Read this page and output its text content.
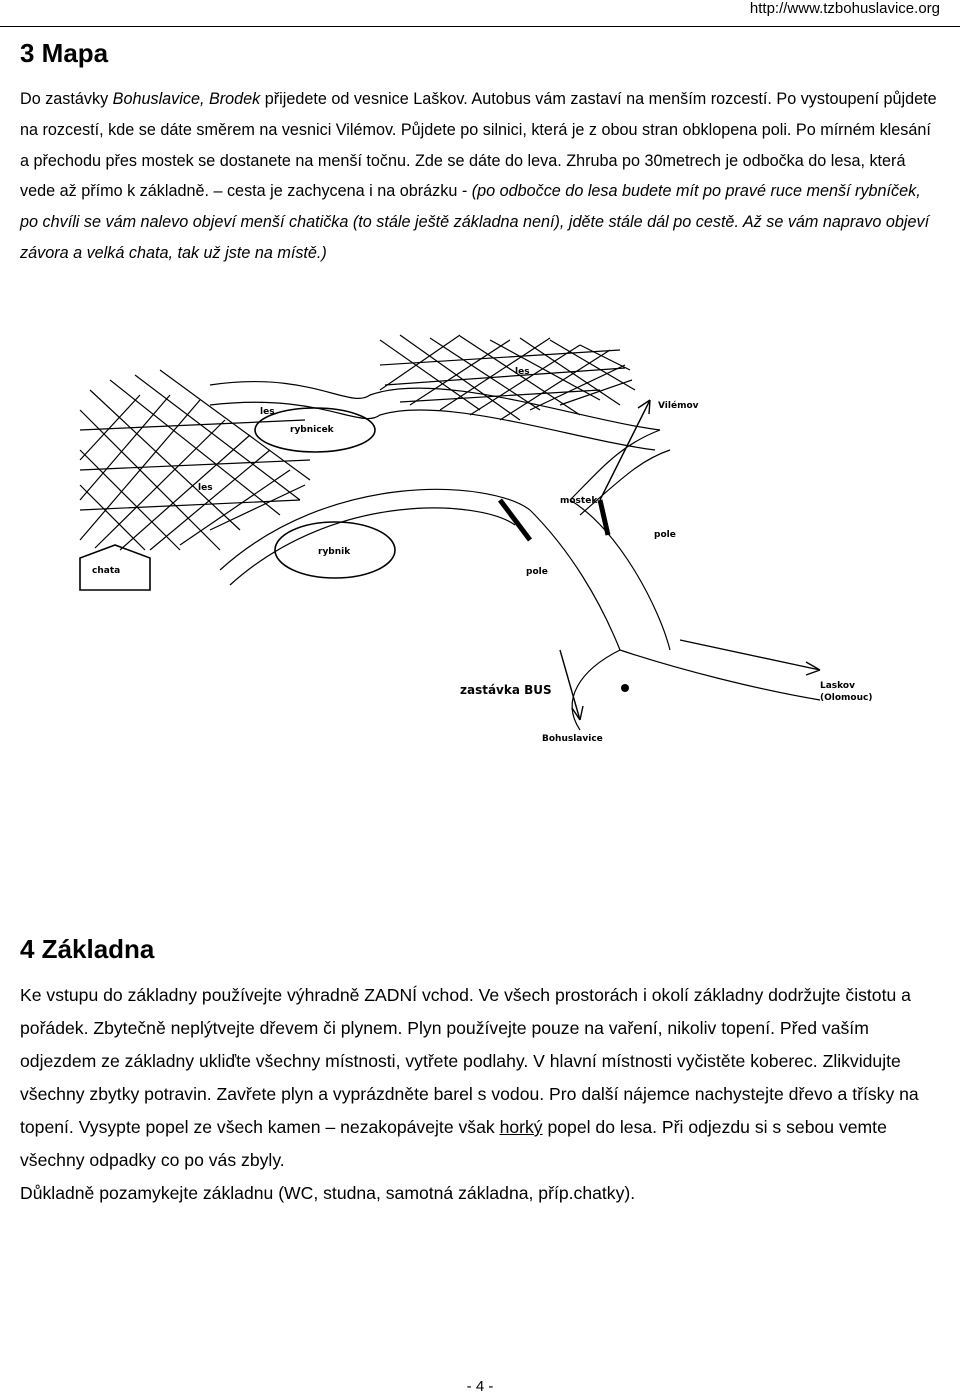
http://www.tzbohuslavice.org
3 Mapa
Do zastávky Bohuslavice, Brodek přijedete od vesnice Laškov. Autobus vám zastaví na menším rozcestí. Po vystoupení půjdete na rozcestí, kde se dáte směrem na vesnici Vilémov. Půjdete po silnici, která je z obou stran obklopena poli. Po mírném klesání a přechodu přes mostek se dostanete na menší točnu. Zde se dáte do leva. Zhruba po 30metrech je odbočka do lesa, která vede až přímo k základně. – cesta je zachycena i na obrázku - (po odbočce do lesa budete mít po pravé ruce menší rybníček, po chvíli se vám nalevo objeví menší chatička (to stále ještě základna není), jděte stále dál po cestě. Až se vám napravo objeví závora a velká chata, tak už jste na místě.)
les
Vilémov
les
rybnicek
les
mostek
pole
chata
rybnik
pole
zastávka BUS	Laskov
(Olomouc)
Bohuslavice
4 Základna

Ke vstupu do základny používejte výhradně ZADNÍ vchod. Ve všech prostorách i okolí základny dodržujte čistotu a pořádek. Zbytečně neplýtvejte dřevem či plynem. Plyn používejte pouze na vaření, nikoliv topení. Před vaším odjezdem ze základny ukliďte všechny místnosti, vytřete podlahy. V hlavní místnosti vyčistěte koberec. Zlikvidujte všechny zbytky potravin. Zavřete plyn a vyprázdněte barel s vodou. Pro další nájemce nachystejte dřevo a třísky na topení. Vysypte popel ze všech kamen – nezakopávejte však horký popel do lesa. Při odjezdu si s sebou vemte všechny odpadky co po vás zbyly.

Důkladně pozamykejte základnu (WC, studna, samotná základna, příp.chatky).

- 4 -
